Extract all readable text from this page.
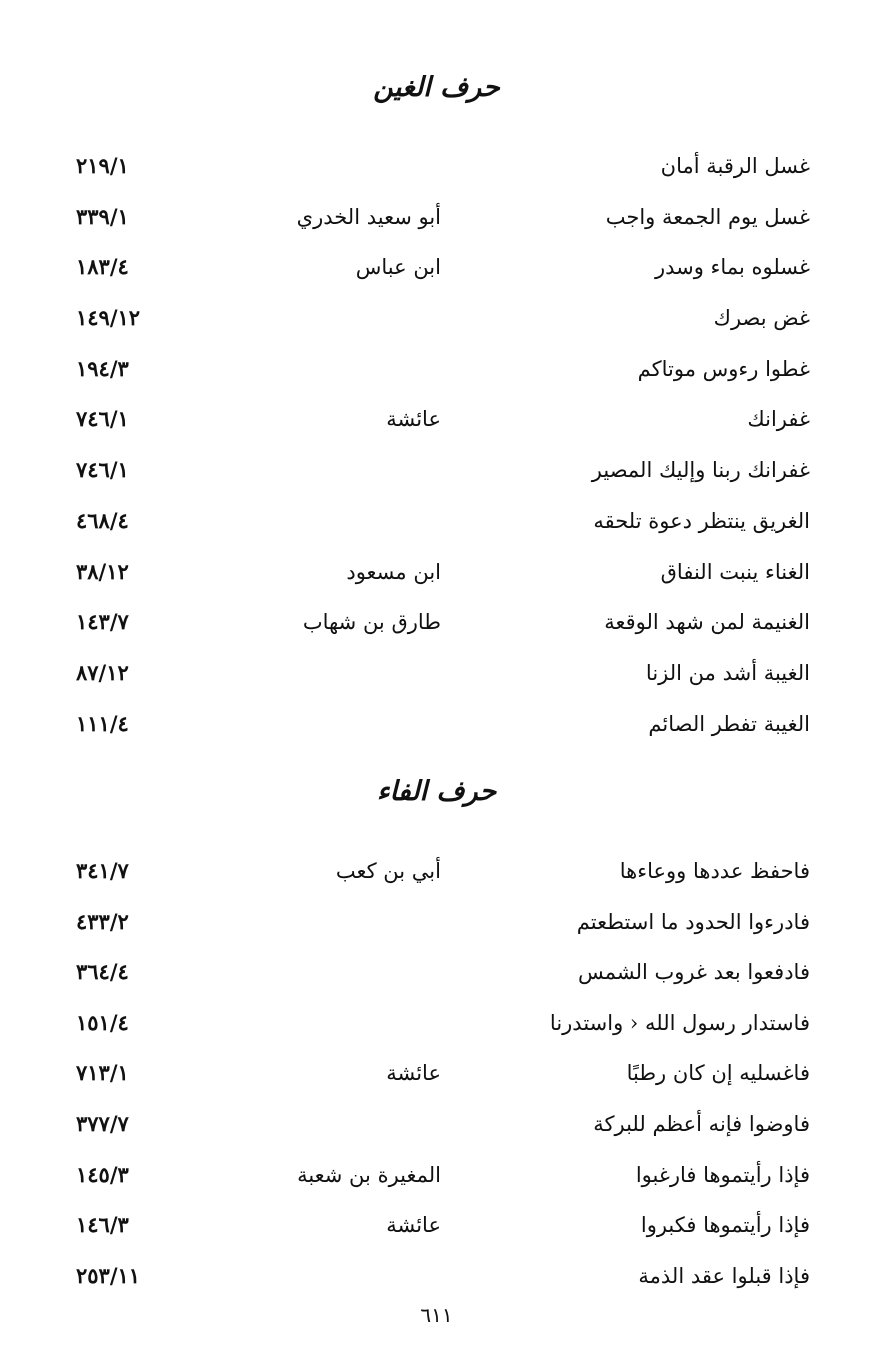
حرف الغين
غسل الرقبة أمان
٢١٩/١
غسل يوم الجمعة واجب
أبو سعيد الخدري
٣٣٩/١
غسلوه بماء وسدر
ابن عباس
١٨٣/٤
غض بصرك
١٤٩/١٢
غطوا رءوس موتاكم
١٩٤/٣
غفرانك
عائشة
٧٤٦/١
غفرانك ربنا وإليك المصير
٧٤٦/١
الغريق ينتظر دعوة تلحقه
٤٦٨/٤
الغناء ينبت النفاق
ابن مسعود
٣٨/١٢
الغنيمة لمن شهد الوقعة
طارق بن شهاب
١٤٣/٧
الغيبة أشد من الزنا
٨٧/١٢
الغيبة تفطر الصائم
١١١/٤
حرف الفاء
فاحفظ عددها ووعاءها
أبي بن كعب
٣٤١/٧
فادرءوا الحدود ما استطعتم
٤٣٣/٢
فادفعوا بعد غروب الشمس
٣٦٤/٤
فاستدار رسول الله ‹ واستدرنا
١٥١/٤
فاغسليه إن كان رطبًا
عائشة
٧١٣/١
فاوضوا فإنه أعظم للبركة
٣٧٧/٧
فإذا رأيتموها فارغبوا
المغيرة بن شعبة
١٤٥/٣
فإذا رأيتموها فكبروا
عائشة
١٤٦/٣
فإذا قبلوا عقد الذمة
٢٥٣/١١
٦١١
